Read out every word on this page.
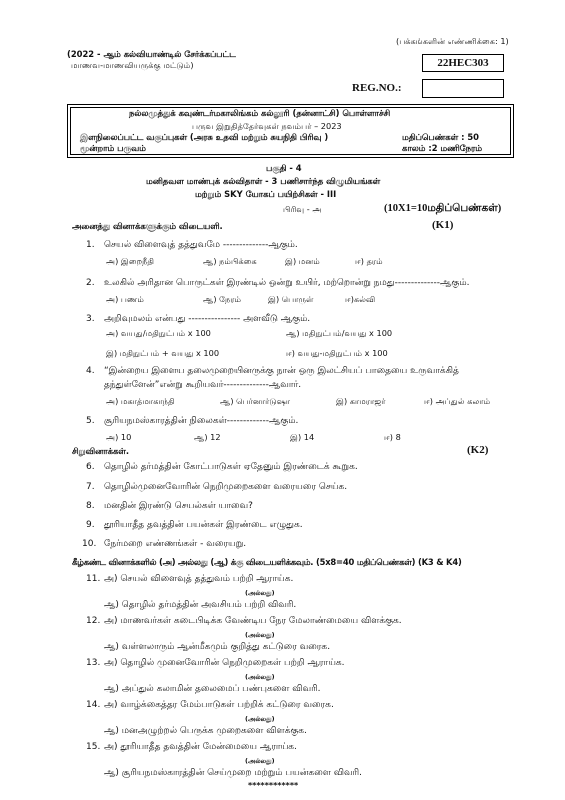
(பக்கங்களின் எண்ணிக்கை: 1)
(2022 - ஆம் கல்வியாண்டில் சேர்க்கப்பட்ட
மாணவ-மாணவியருக்கு மட்டும்)	22HEC303
REG.NO.:
நல்லமுத்துக் கவுண்டர்மகாலிங்கம் கல்லூரி (தன்னாட்சி) பொள்ளாச்சி
பருவ இறுதித்தேர்வுகள் நவம்பர் – 2023
இளநிலைப்பட்ட வகுப்புகள் (அரசு உதவி மற்றும் சுயநிதி பிரிவு )	மதிப்பெண்கள் : 50
மூன்றாம் பருவம்	காலம் :2 மணிநேரம்
பகுதி - 4
மனிதவள மாண்புக் கல்விதாள் - 3 பணிசார்ந்த விழுமியங்கள்
மற்றும் SKY யோகப் பயிற்சிகள் - III
பிரிவு - அ	(10X1=10மதிப்பெண்கள்)
அனைத்து வினாக்களுக்கும் விடையளி.	(K1)
1. செயல் விளைவுத் தத்துவமே --------------ஆகும்.
அ) இறைநீதி	ஆ) நம்பிக்கை	இ) மனம்	ஈ) தரம்
2. உலகில் அரிதான பொருட்கள் இரண்டில் ஒன்று உயிர், மற்றொன்று நமது--------------ஆகும்.
அ) பணம்	ஆ) நேரம்	இ) பொருள்	ஈ)கல்வி
3. அறிவுமலம் என்பது ---------------- அளவீடு ஆகும்.
அ) வயது/மதிநுட்பம் x 100	ஆ) மதிநுட்பம்/வயது x 100
இ) மதிநுட்பம் + வயது x 100	ஈ) வயது-மதிநுட்பம் x 100
4. “இன்றைய இளைய தலைமுறையினருக்கு நான் ஒரு இலட்சியப் பாதையை உருவாக்கித்
தந்துள்ளேன்”என்று கூறியவர்--------------ஆவார்.
அ) மகாத்மாகாந்தி	ஆ) பெர்னார்டுஷா	இ) காமராஜர்	ஈ) அப்துல் கலாம்
5. சூரியநமஸ்காரத்தின் நிலைகள்-------------ஆகும்.
அ) 10	ஆ) 12	இ) 14	ஈ) 8
சிறுவினாக்கள்.	(K2)
6. தொழில் தர்மத்தின் கோட்பாடுகள் ஏதேனும் இரண்டைக் கூறுக.
7. தொழில்முனைவோரின் நெறிமுறைகளை வரையரை செய்க.
8. மனதின் இரண்டு செயல்கள் யாவை?
9. தூரியாதீத தவத்தின் பயன்கள் இரண்டை எழுதுக.
10. நேர்மறை எண்ணங்கள் - வரையறு.
கீழ்கண்ட வினாக்களில் (அ) அல்லது (ஆ) க்கு விடையளிக்கவும். (5x8=40 மதிப்பெண்கள்) (K3 & K4)
11. அ) செயல் விளைவுத் தத்துவம் பற்றி ஆராய்க.
(அல்லது)
ஆ) தொழில் தர்மத்தின் அவசியம் பற்றி விவரி.
12. அ) மாணவர்கள் கடைபிடிக்க வேண்டிய நேர மேலாண்மையை விளக்குக.
(அல்லது)
ஆ) வள்ளலாரும் ஆன்மீகமும் குறித்து கட்டுரை வரைக.
13. அ) தொழில் முனைவோரின் நெறிமுறைகள் பற்றி ஆராய்க.
(அல்லது)
ஆ) அப்துல் கலாமின் தலைமைப் பண்புகளை விவரி.
14. அ) வாழ்க்கைத்தர மேம்பாடுகள் பற்றிக் கட்டுரை வரைக.
(அல்லது)
ஆ) மனஅழுற்றல் பெருக்க முறைகளை விளக்குக.
15. அ) தூரியாதீத தவத்தின் மேன்மையை ஆராய்க.
(அல்லது)
ஆ) சூரியநமஸ்காரத்தின் செய்முறை மற்றும் பயன்களை விவரி.
************
